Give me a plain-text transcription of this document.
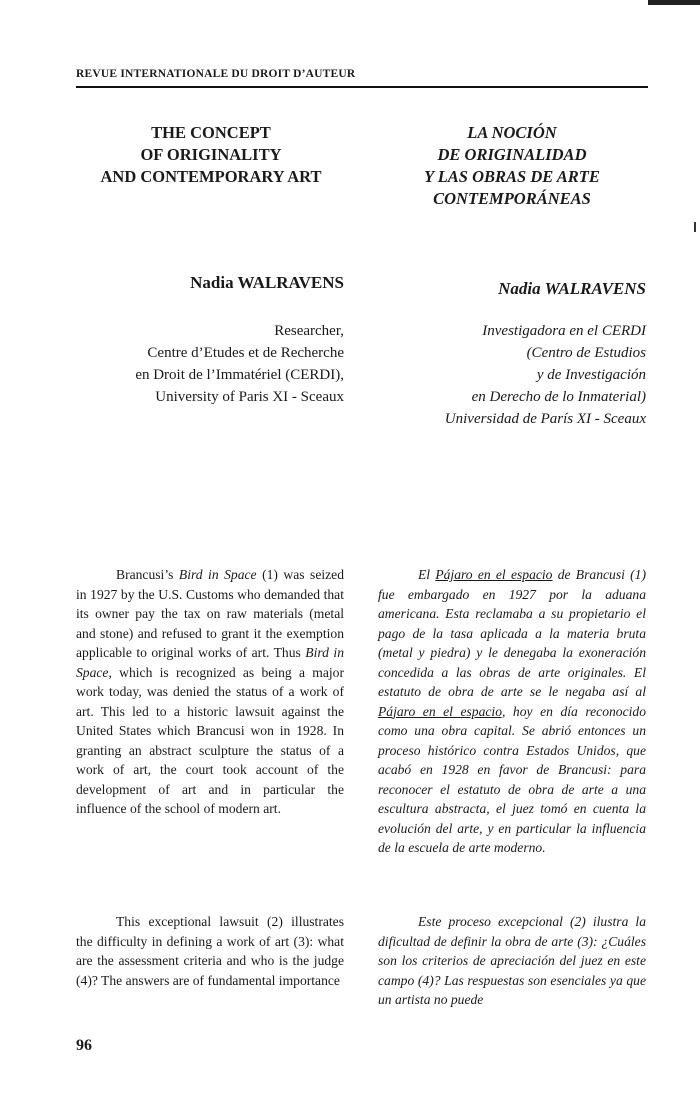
REVUE INTERNATIONALE DU DROIT D’AUTEUR
THE CONCEPT
OF ORIGINALITY
AND CONTEMPORARY ART
LA NOCIÓN
DE ORIGINALIDAD
Y LAS OBRAS DE ARTE
CONTEMPORÁNEAS
Nadia WALRAVENS	Nadia WALRAVENS
Researcher,
Centre d’Etudes et de Recherche
en Droit de l’Immatériel (CERDI),
University of Paris XI - Sceaux
Investigadora en el CERDI
(Centro de Estudios
y de Investigación
en Derecho de lo Inmaterial)
Universidad de París XI - Sceaux
Brancusi’s Bird in Space (1) was seized in 1927 by the U.S. Customs who demanded that its owner pay the tax on raw materials (metal and stone) and refused to grant it the exemption applicable to original works of art. Thus Bird in Space, which is recognized as being a major work today, was denied the status of a work of art. This led to a historic lawsuit against the United States which Brancusi won in 1928. In granting an abstract sculpture the status of a work of art, the court took account of the development of art and in particular the influence of the school of modern art.
El Pájaro en el espacio de Brancusi (1) fue embargado en 1927 por la aduana americana. Esta reclamaba a su propietario el pago de la tasa aplicada a la materia bruta (metal y piedra) y le denegaba la exoneración concedida a las obras de arte originales. El estatuto de obra de arte se le negaba así al Pájaro en el espacio, hoy en día reconocido como una obra capital. Se abrió entonces un proceso histórico contra Estados Unidos, que acabó en 1928 en favor de Brancusi: para reconocer el estatuto de obra de arte a una escultura abstracta, el juez tomó en cuenta la evolución del arte, y en particular la influencia de la escuela de arte moderno.
This exceptional lawsuit (2) illustrates the difficulty in defining a work of art (3): what are the assessment criteria and who is the judge (4)? The answers are of fundamental importance
Este proceso excepcional (2) ilustra la dificultad de definir la obra de arte (3): ¿Cuáles son los criterios de apreciación del juez en este campo (4)? Las respuestas son esenciales ya que un artista no puede
96
